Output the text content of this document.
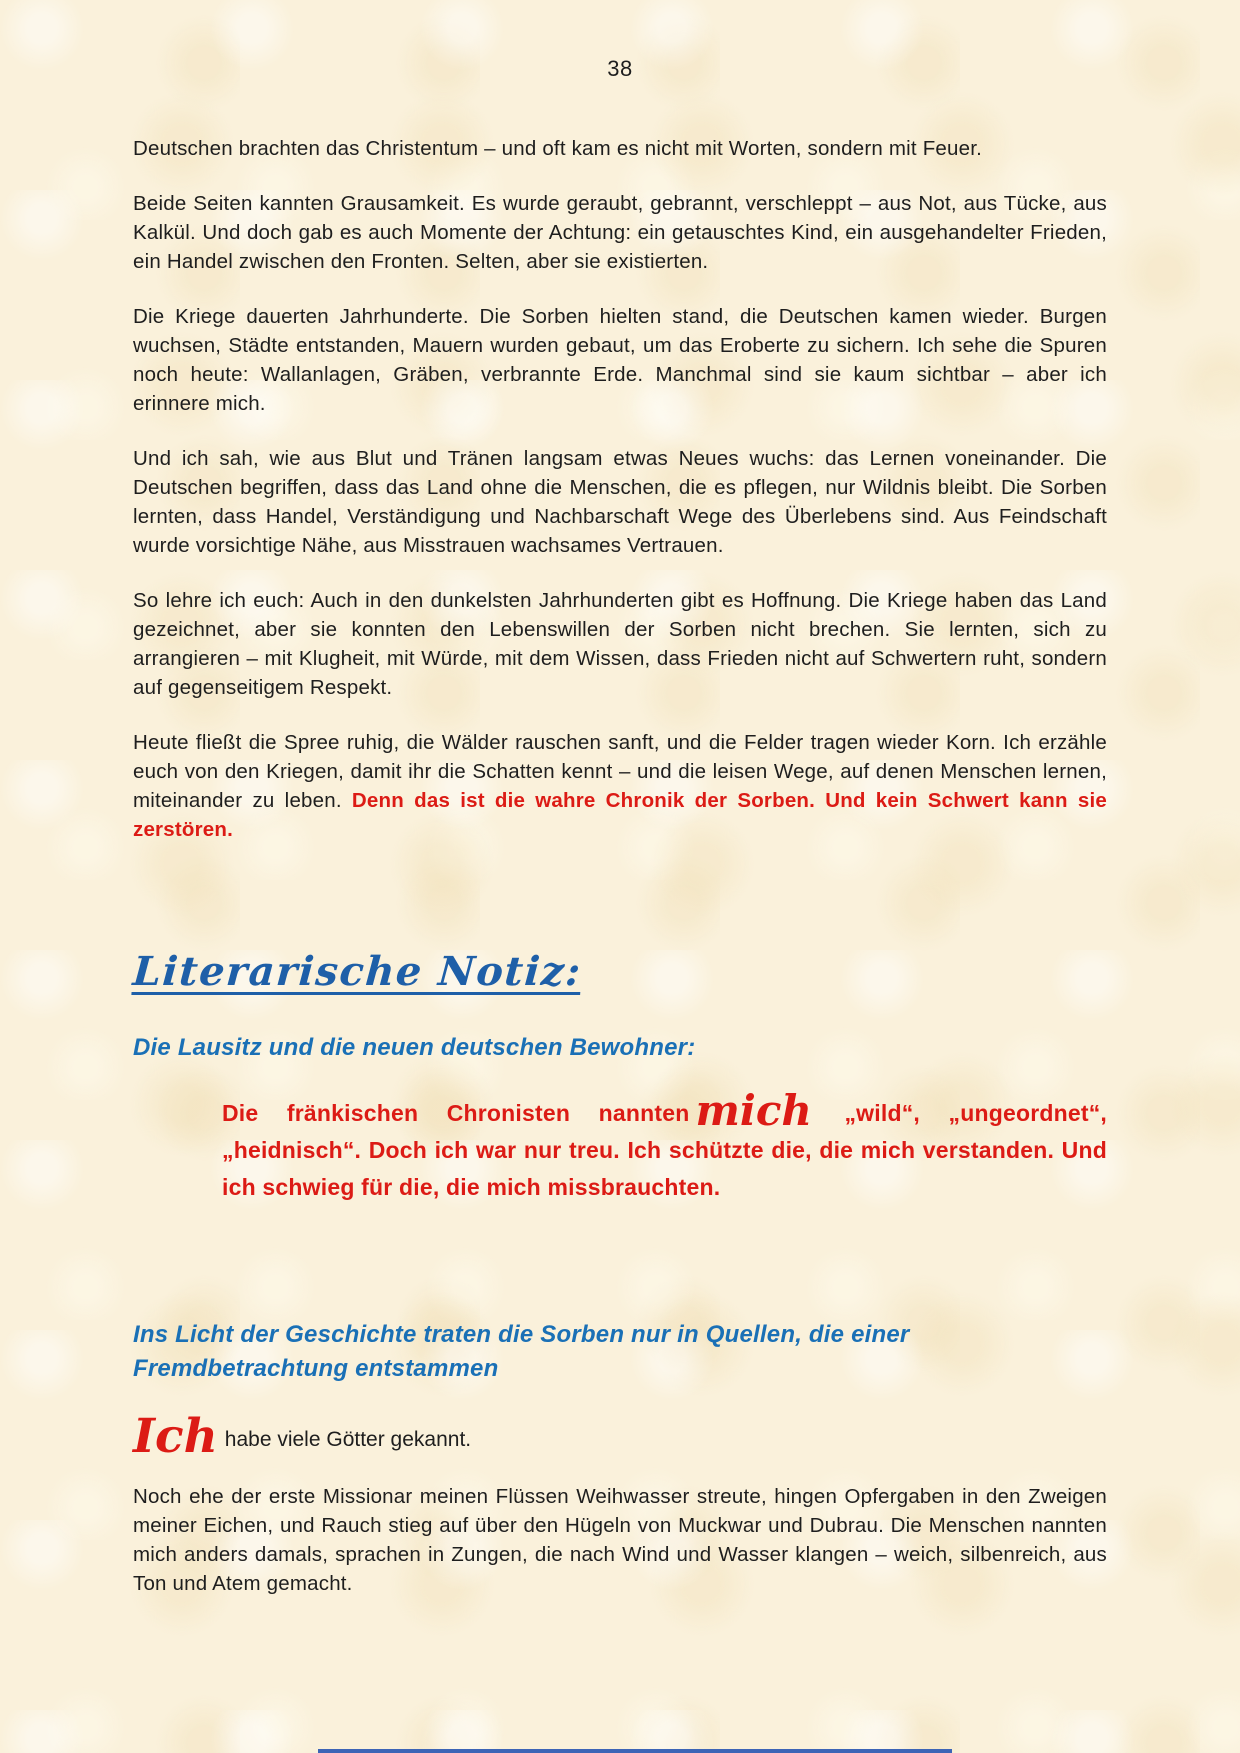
38

Deutschen brachten das Christentum – und oft kam es nicht mit Worten, sondern mit Feuer.

Beide Seiten kannten Grausamkeit. Es wurde geraubt, gebrannt, verschleppt – aus Not, aus Tücke, aus Kalkül. Und doch gab es auch Momente der Achtung: ein getauschtes Kind, ein ausgehandelter Frieden, ein Handel zwischen den Fronten. Selten, aber sie existierten.

Die Kriege dauerten Jahrhunderte. Die Sorben hielten stand, die Deutschen kamen wieder. Burgen wuchsen, Städte entstanden, Mauern wurden gebaut, um das Eroberte zu sichern. Ich sehe die Spuren noch heute: Wallanlagen, Gräben, verbrannte Erde. Manchmal sind sie kaum sichtbar – aber ich erinnere mich.

Und ich sah, wie aus Blut und Tränen langsam etwas Neues wuchs: das Lernen voneinander. Die Deutschen begriffen, dass das Land ohne die Menschen, die es pflegen, nur Wildnis bleibt. Die Sorben lernten, dass Handel, Verständigung und Nachbarschaft Wege des Überlebens sind. Aus Feindschaft wurde vorsichtige Nähe, aus Misstrauen wachsames Vertrauen.

So lehre ich euch: Auch in den dunkelsten Jahrhunderten gibt es Hoffnung. Die Kriege haben das Land gezeichnet, aber sie konnten den Lebenswillen der Sorben nicht brechen. Sie lernten, sich zu arrangieren – mit Klugheit, mit Würde, mit dem Wissen, dass Frieden nicht auf Schwertern ruht, sondern auf gegenseitigem Respekt.

Heute fließt die Spree ruhig, die Wälder rauschen sanft, und die Felder tragen wieder Korn. Ich erzähle euch von den Kriegen, damit ihr die Schatten kennt – und die leisen Wege, auf denen Menschen lernen, miteinander zu leben. Denn das ist die wahre Chronik der Sorben. Und kein Schwert kann sie zerstören.

Literarische Notiz:

Die Lausitz und die neuen deutschen Bewohner:

Die fränkischen Chronisten nannten mich „wild“, „ungeordnet“, „heidnisch“. Doch ich war nur treu. Ich schützte die, die mich verstanden. Und ich schwieg für die, die mich missbrauchten.

Ins Licht der Geschichte traten die Sorben nur in Quellen, die einer Fremdbetrachtung entstammen

Ich habe viele Götter gekannt.

Noch ehe der erste Missionar meinen Flüssen Weihwasser streute, hingen Opfergaben in den Zweigen meiner Eichen, und Rauch stieg auf über den Hügeln von Muckwar und Dubrau. Die Menschen nannten mich anders damals, sprachen in Zungen, die nach Wind und Wasser klangen – weich, silbenreich, aus Ton und Atem gemacht.
